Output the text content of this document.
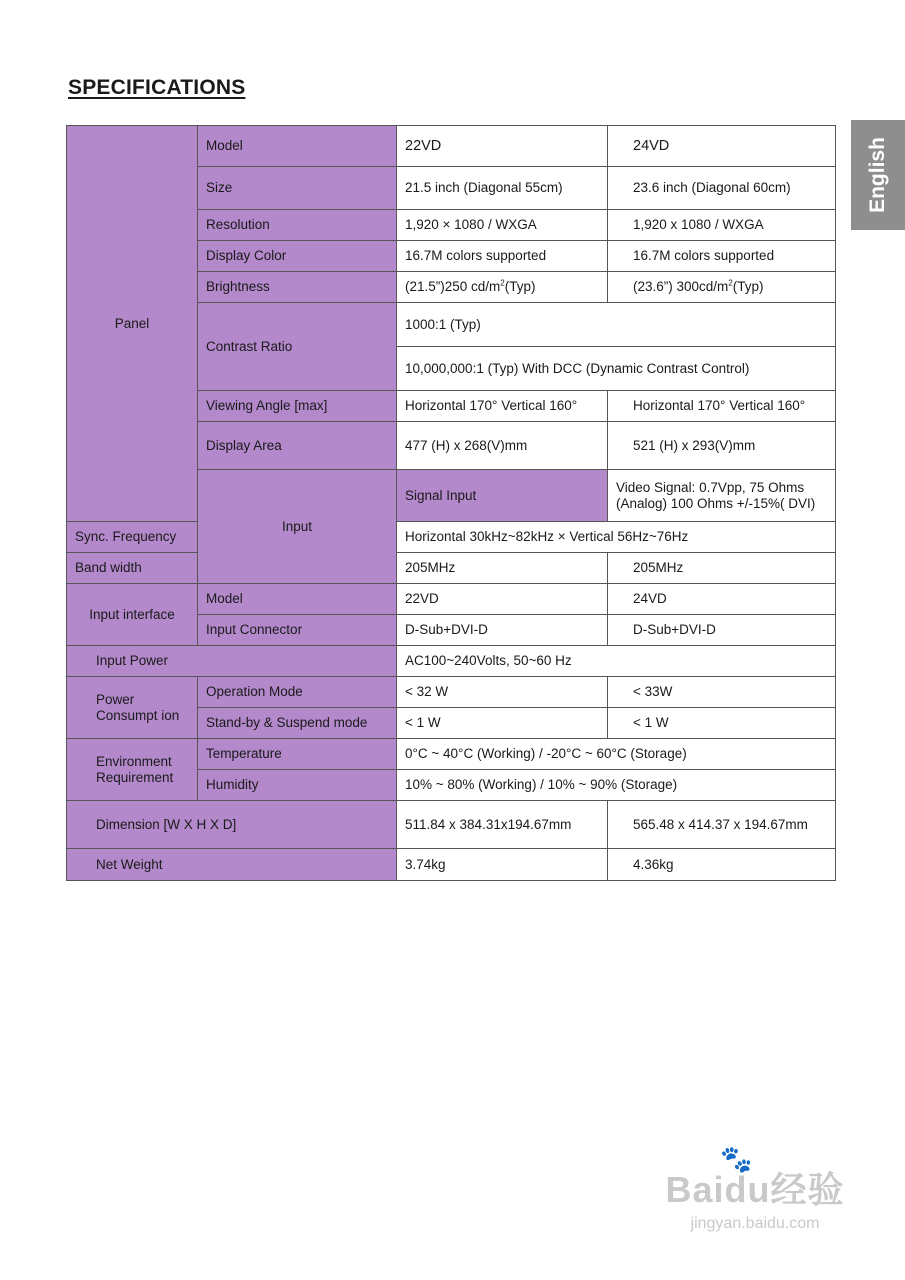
SPECIFICATIONS
English
Panel	Model	22VD	24VD
	Size	21.5 inch (Diagonal 55cm)	23.6 inch (Diagonal 60cm)
	Resolution	1,920 × 1080 / WXGA	1,920 x 1080 / WXGA
	Display Color	16.7M colors supported	16.7M colors supported
	Brightness	(21.5”)250 $cd/m^2(Typ)$	(23.6”) $300cd/m^2(Typ)$
	Contrast Ratio	1000:1 (Typ)	
		10,000,000:1 (Typ) With DCC (Dynamic Contrast Control)	
	Viewing Angle [max]	Horizontal 170° Vertical 160°	Horizontal 170° Vertical 160°
	Display Area	477 (H) x 268(V)mm	521 (H) x 293(V)mm
	Input	Signal Input	Video Signal: 0.7Vpp, 75 Ohms (Analog) 100 Ohms +/-15%( DVI)
Sync. Frequency		Horizontal 30kHz~82kHz × Vertical 56Hz~76Hz	
Band width		205MHz	205MHz
Input interface	Model	22VD	24VD
	Input Connector	D-Sub+DVI-D	D-Sub+DVI-D
Input Power		AC100~240Volts, 50~60 Hz	
Power
Consumpt ion	Operation Mode	< 32 W	< 33W
	Stand-by & Suspend mode	< 1 W	< 1 W
Environment
Requirement	Temperature	0°C ~ 40°C (Working) / -20°C ~ 60°C (Storage)	
	Humidity	10% ~ 80% (Working) / 10% ~ 90% (Storage)	
Dimension [W X H X D]		511.84 x 384.31x194.67mm	565.48 x 414.37 x 194.67mm
Net Weight		3.74kg	4.36kg
🐾
Baidu经验
jingyan.baidu.com
